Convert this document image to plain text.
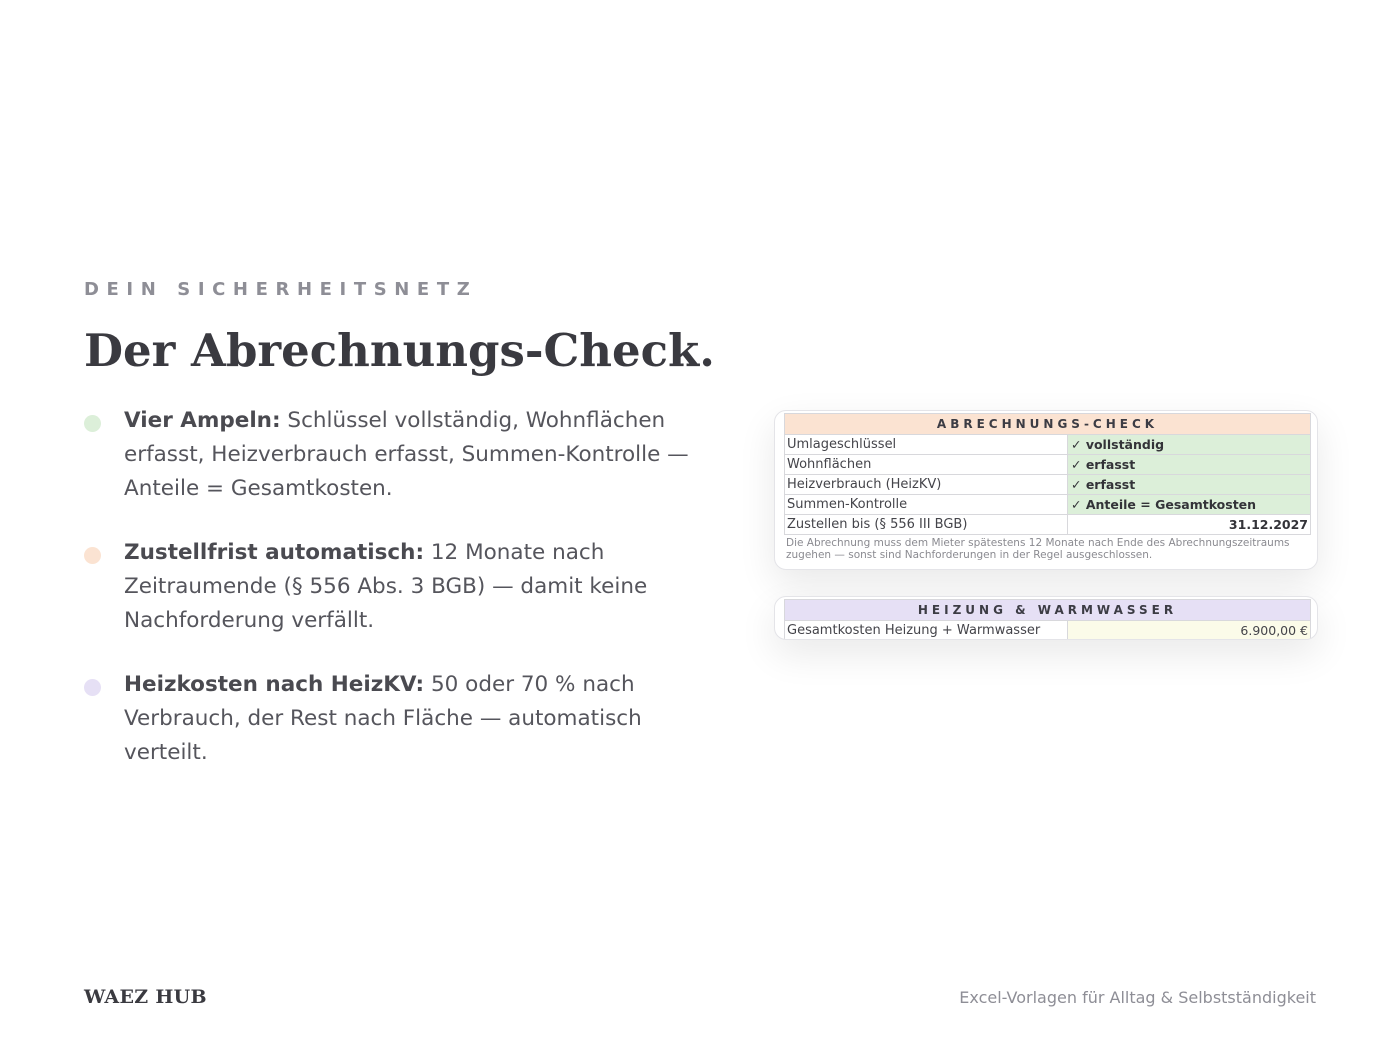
DEIN SICHERHEITSNETZ
Der Abrechnungs-Check.

Vier Ampeln: Schlüssel vollständig, Wohnflächen erfasst, Heizverbrauch erfasst, Summen-Kontrolle — Anteile = Gesamtkosten.

Zustellfrist automatisch: 12 Monate nach Zeitraumende (§ 556 Abs. 3 BGB) — damit keine Nachforderung verfällt.

Heizkosten nach HeizKV: 50 oder 70 % nach Verbrauch, der Rest nach Fläche — automatisch verteilt.

ABRECHNUNGS-CHECK
Umlageschlüssel	✓ vollständig
Wohnflächen	✓ erfasst
Heizverbrauch (HeizKV)	✓ erfasst
Summen-Kontrolle	✓ Anteile = Gesamtkosten
Zustellen bis (§ 556 III BGB)	31.12.2027
Die Abrechnung muss dem Mieter spätestens 12 Monate nach Ende des Abrechnungszeitraums zugehen — sonst sind Nachforderungen in der Regel ausgeschlossen.
HEIZUNG & WARMWASSER
Gesamtkosten Heizung + Warmwasser	6.900,00 €
WAEZ HUB	Excel-Vorlagen für Alltag & Selbstständigkeit
